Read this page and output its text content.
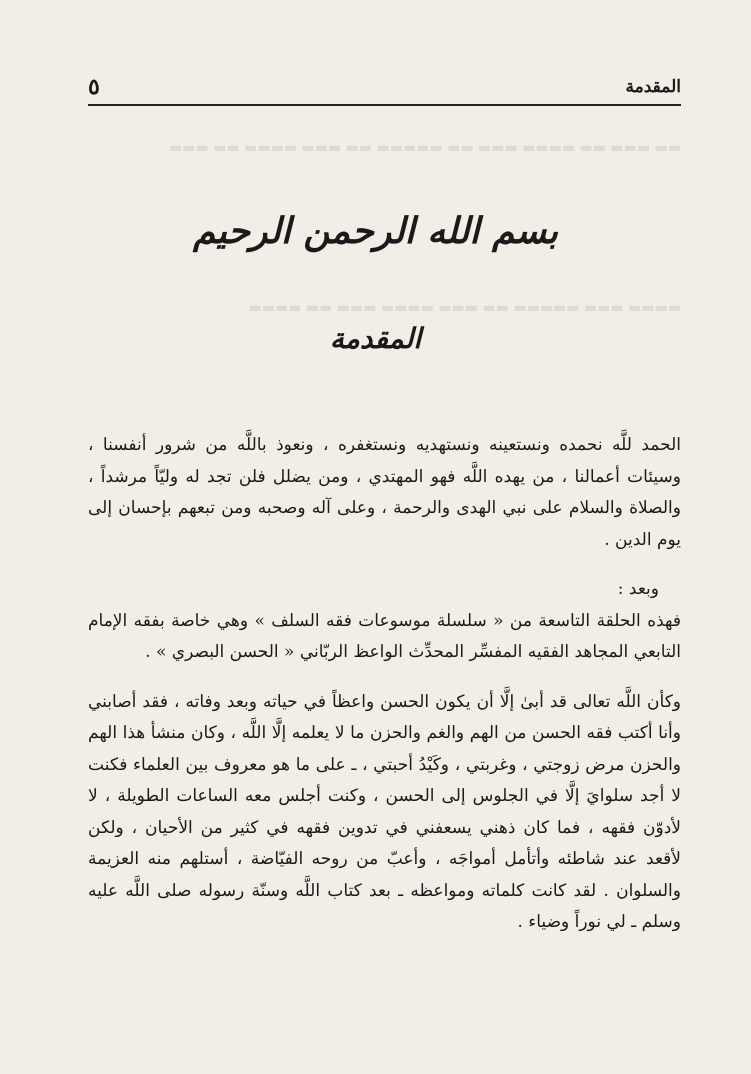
٥	المقدمة
▬▬ ▬▬▬ ▬▬ ▬▬▬▬ ▬▬▬ ▬▬ ▬▬▬▬▬ ▬▬ ▬▬▬ ▬▬▬▬ ▬▬ ▬▬▬
▬▬▬▬ ▬▬▬ ▬▬▬▬▬ ▬▬ ▬▬▬ ▬▬▬▬ ▬▬▬ ▬▬ ▬▬▬▬
بسم الله الرحمن الرحيم
المقدمة

الحمد للَّه نحمده ونستعينه ونستهديه ونستغفره ، ونعوذ باللَّه من شرور أنفسنا ، وسيئات أعمالنا ، من يهده اللَّه فهو المهتدي ، ومن يضلل فلن تجد له وليّاً مرشداً ، والصلاة والسلام على نبي الهدى والرحمة ، وعلى آله وصحبه ومن تبعهم بإحسان إلى يوم الدين .

وبعد :

فهذه الحلقة التاسعة من « سلسلة موسوعات فقه السلف » وهي خاصة بفقه الإمام التابعي المجاهد الفقيه المفسِّر المحدِّث الواعظ الربّاني « الحسن البصري » .

وكأن اللَّه تعالى قد أبىٰ إلَّا أن يكون الحسن واعظاً في حياته وبعد وفاته ، فقد أصابني وأنا أكتب فقه الحسن من الهم والغم والحزن ما لا يعلمه إلَّا اللَّه ، وكان منشأ هذا الهم والحزن مرض زوجتي ، وغربتي ، وكَيْدُ أحبتي ، ـ على ما هو معروف بين العلماء فكنت لا أجد سلوايَ إلَّا في الجلوس إلى الحسن ، وكنت أجلس معه الساعات الطويلة ، لا لأدوّن فقهه ، فما كان ذهني يسعفني في تدوين فقهه في كثير من الأحيان ، ولكن لأقعد عند شاطئه وأتأمل أمواجَه ، وأعبّ من روحه الفيّاضة ، أستلهم منه العزيمة والسلوان . لقد كانت كلماته ومواعظه ـ بعد كتاب اللَّه وسنّة رسوله صلى اللَّه عليه وسلم ـ لي نوراً وضياء .
